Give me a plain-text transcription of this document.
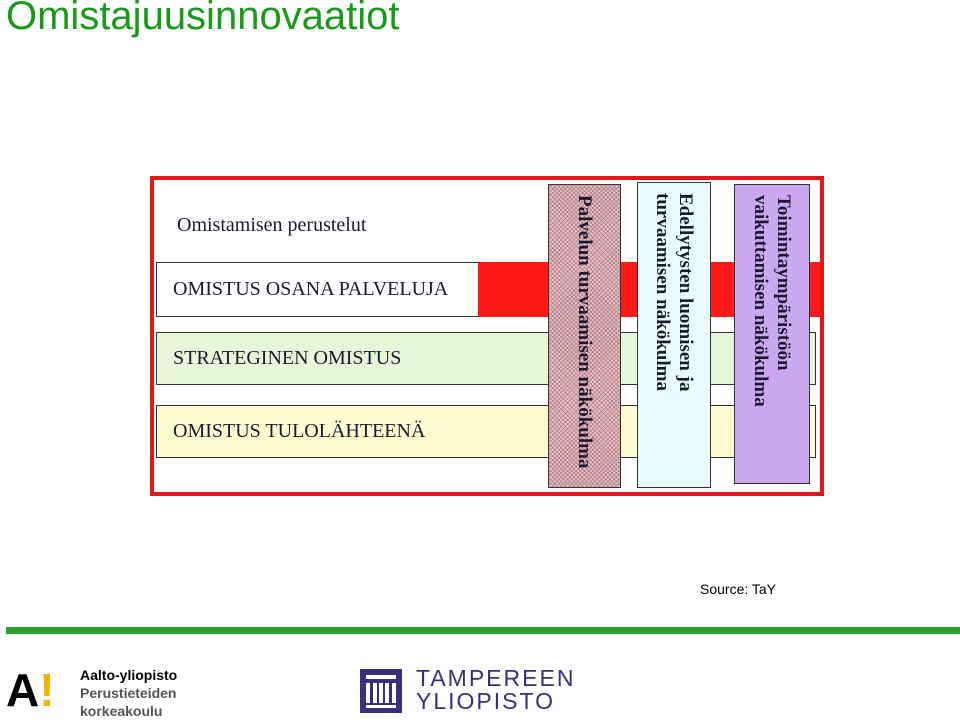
Omistajuusinnovaatiot
Omistamisen perustelut
OMISTUS OSANA PALVELUJA
STRATEGINEN OMISTUS
OMISTUS TULOLÄHTEENÄ	Palvelun turvaamisen näkökulma	Edellytysten luomisen ja turvaamisen näkökulma	Toimintaympäristöön vaikuttamisen näkökulma
Source: TaY
A! Aalto-yliopisto
Perustieteiden
korkeakoulu
TAMPEREEN
YLIOPISTO
